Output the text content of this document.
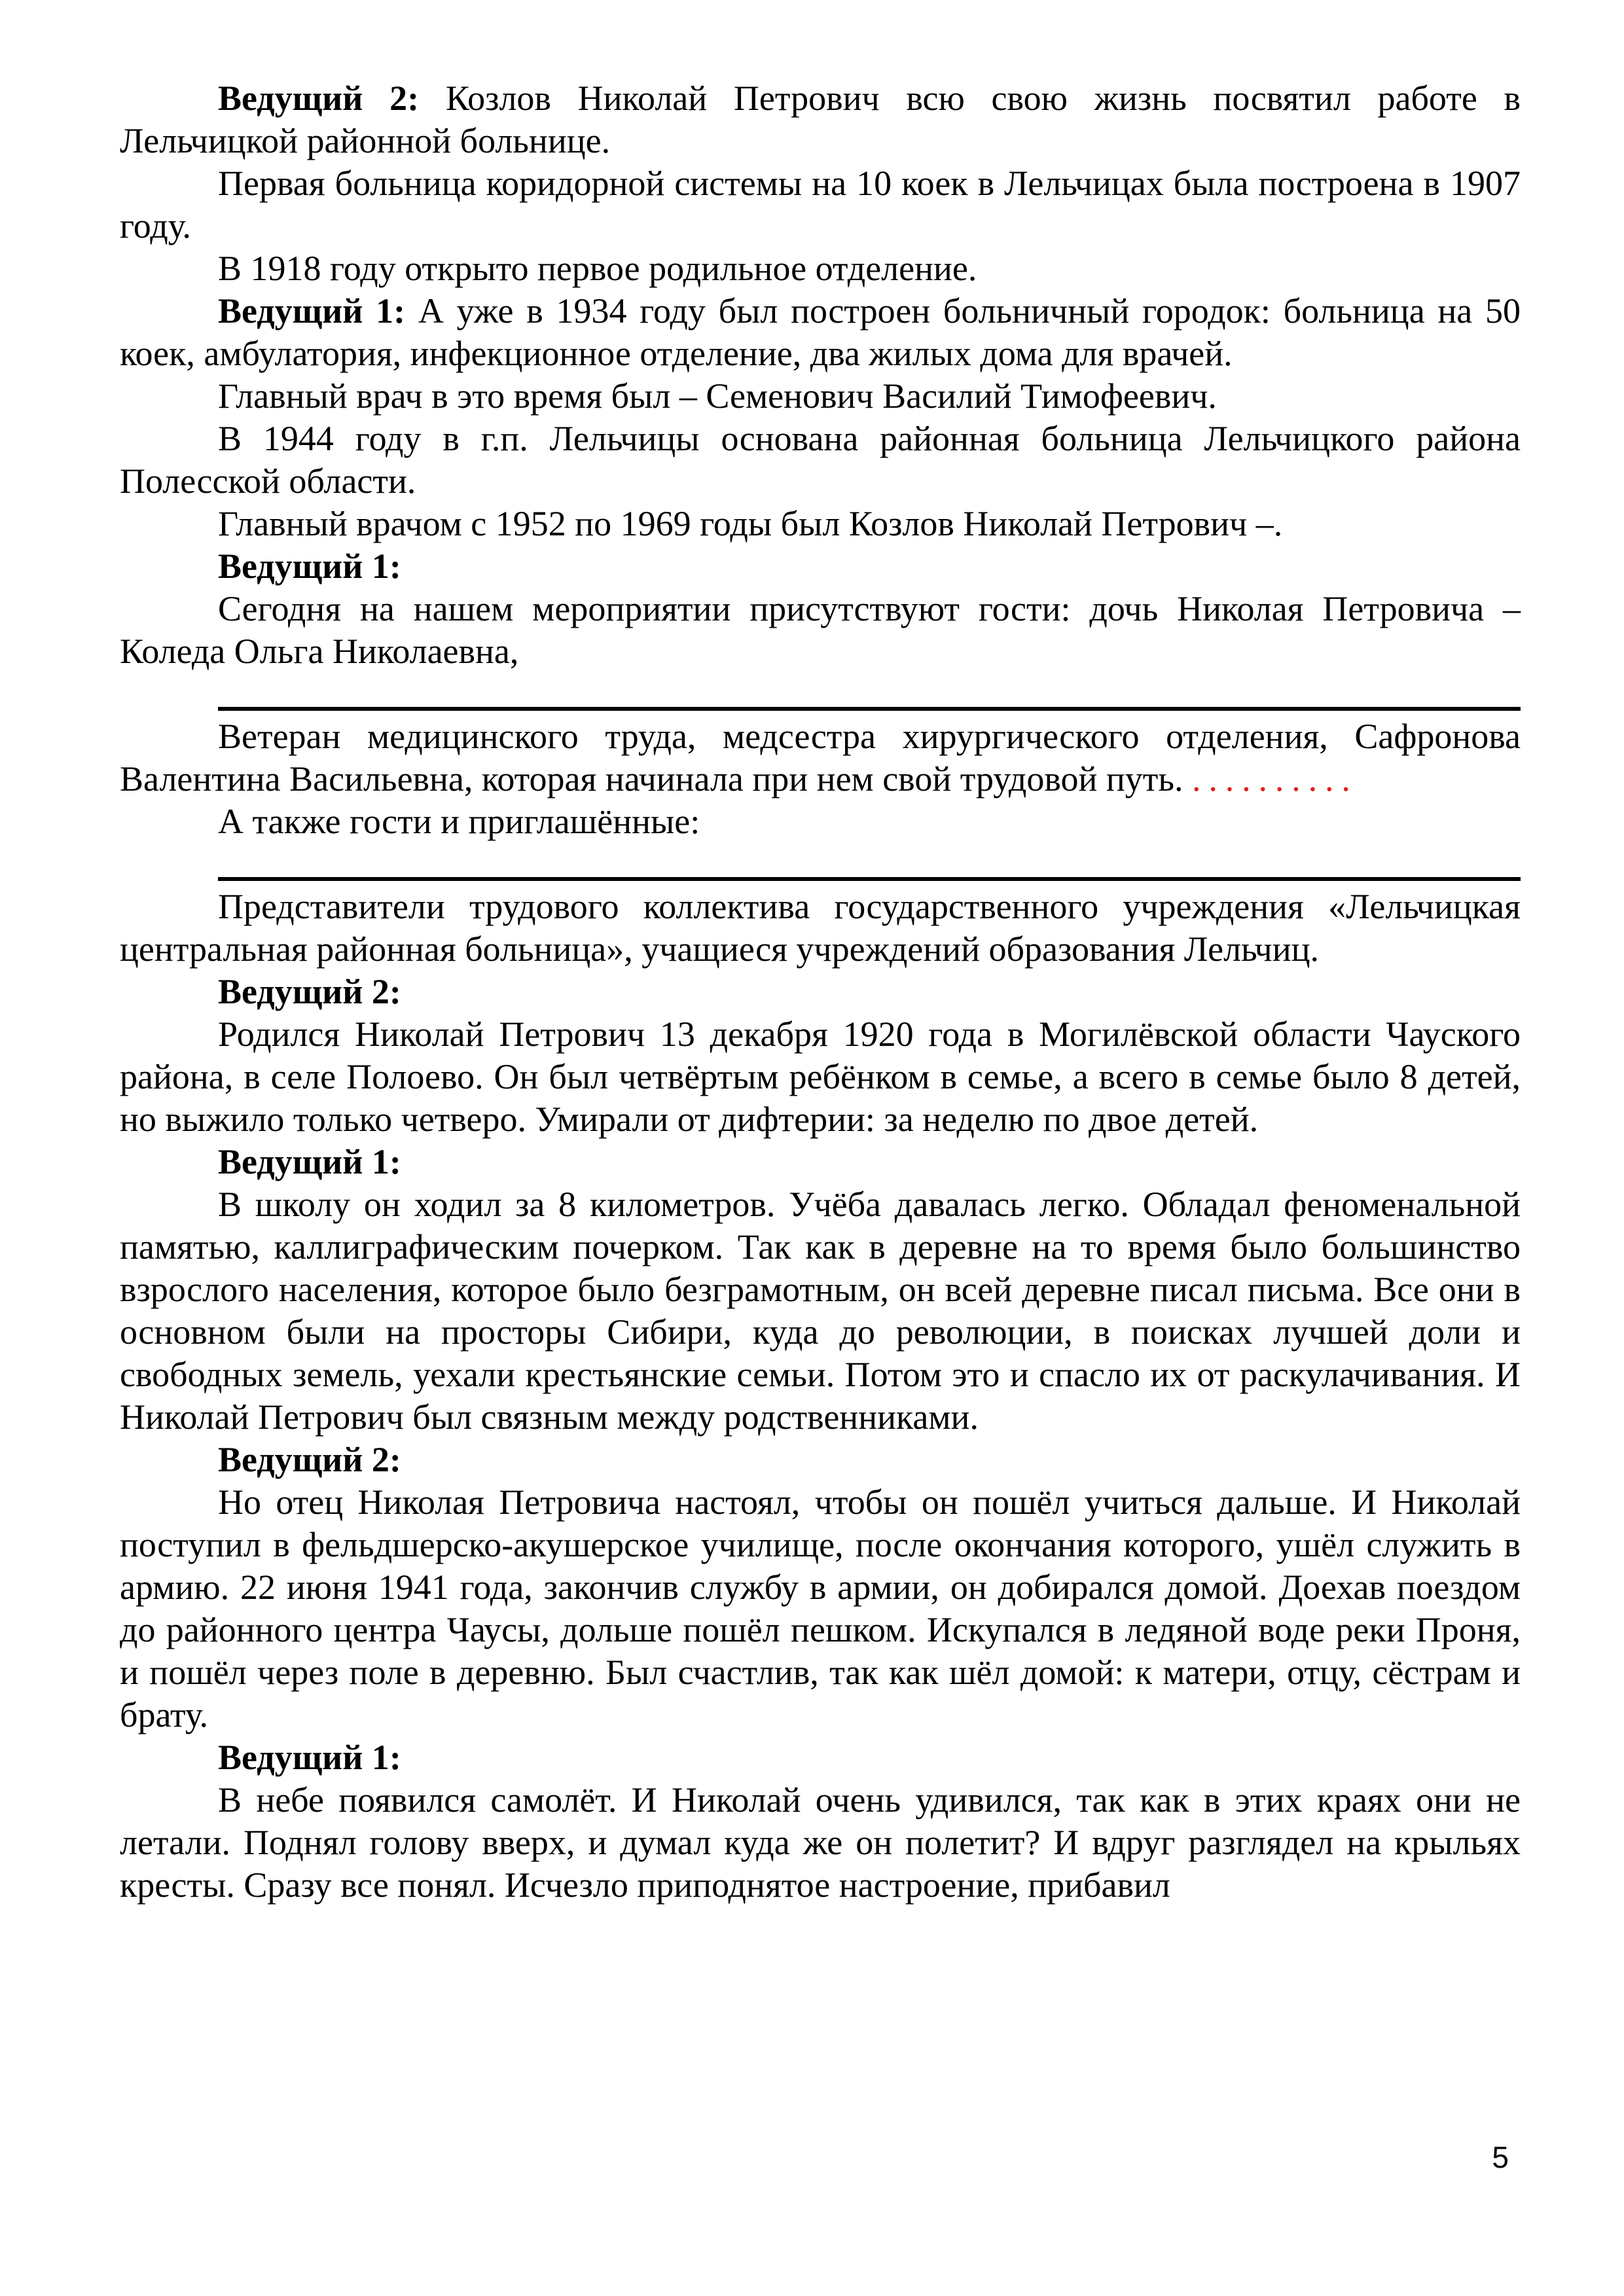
Ведущий 2: Козлов Николай Петрович всю свою жизнь посвятил работе в Лельчицкой районной больнице.

Первая больница коридорной системы на 10 коек в Лельчицах была построена в 1907 году.

В 1918 году открыто первое родильное отделение.

Ведущий 1: А уже в 1934 году был построен больничный городок: больница на 50 коек, амбулатория, инфекционное отделение, два жилых дома для врачей.

Главный врач в это время был – Семенович Василий Тимофеевич.

В 1944 году в г.п. Лельчицы основана районная больница Лельчицкого района Полесской области.

Главный врачом с 1952 по 1969 годы был Козлов Николай Петрович –.

Ведущий 1:

Сегодня на нашем мероприятии присутствуют гости: дочь Николая Петровича – Коледа Ольга Николаевна,

Ветеран медицинского труда, медсестра хирургического отделения, Сафронова Валентина Васильевна, которая начинала при нем свой трудовой путь. ..........

А также гости и приглашённые:

Представители трудового коллектива государственного учреждения «Лельчицкая центральная районная больница», учащиеся учреждений образования Лельчиц.

Ведущий 2:

Родился Николай Петрович 13 декабря 1920 года в Могилёвской области Чауского района, в селе Полоево. Он был четвёртым ребёнком в семье, а всего в семье было 8 детей, но выжило только четверо. Умирали от дифтерии: за неделю по двое детей.

Ведущий 1:

В школу он ходил за 8 километров. Учёба давалась легко. Обладал феноменальной памятью, каллиграфическим почерком. Так как в деревне на то время было большинство взрослого населения, которое было безграмотным, он всей деревне писал письма. Все они в основном были на просторы Сибири, куда до революции, в поисках лучшей доли и свободных земель, уехали крестьянские семьи. Потом это и спасло их от раскулачивания. И Николай Петрович был связным между родственниками.

Ведущий 2:

Но отец Николая Петровича настоял, чтобы он пошёл учиться дальше. И Николай поступил в фельдшерско-акушерское училище, после окончания которого, ушёл служить в армию. 22 июня 1941 года, закончив службу в армии, он добирался домой. Доехав поездом до районного центра Чаусы, дольше пошёл пешком. Искупался в ледяной воде реки Проня, и пошёл через поле в деревню. Был счастлив, так как шёл домой: к матери, отцу, сёстрам и брату.

Ведущий 1:

В небе появился самолёт. И Николай очень удивился, так как в этих краях они не летали. Поднял голову вверх, и думал куда же он полетит? И вдруг разглядел на крыльях кресты. Сразу все понял. Исчезло приподнятое настроение, прибавил

5
